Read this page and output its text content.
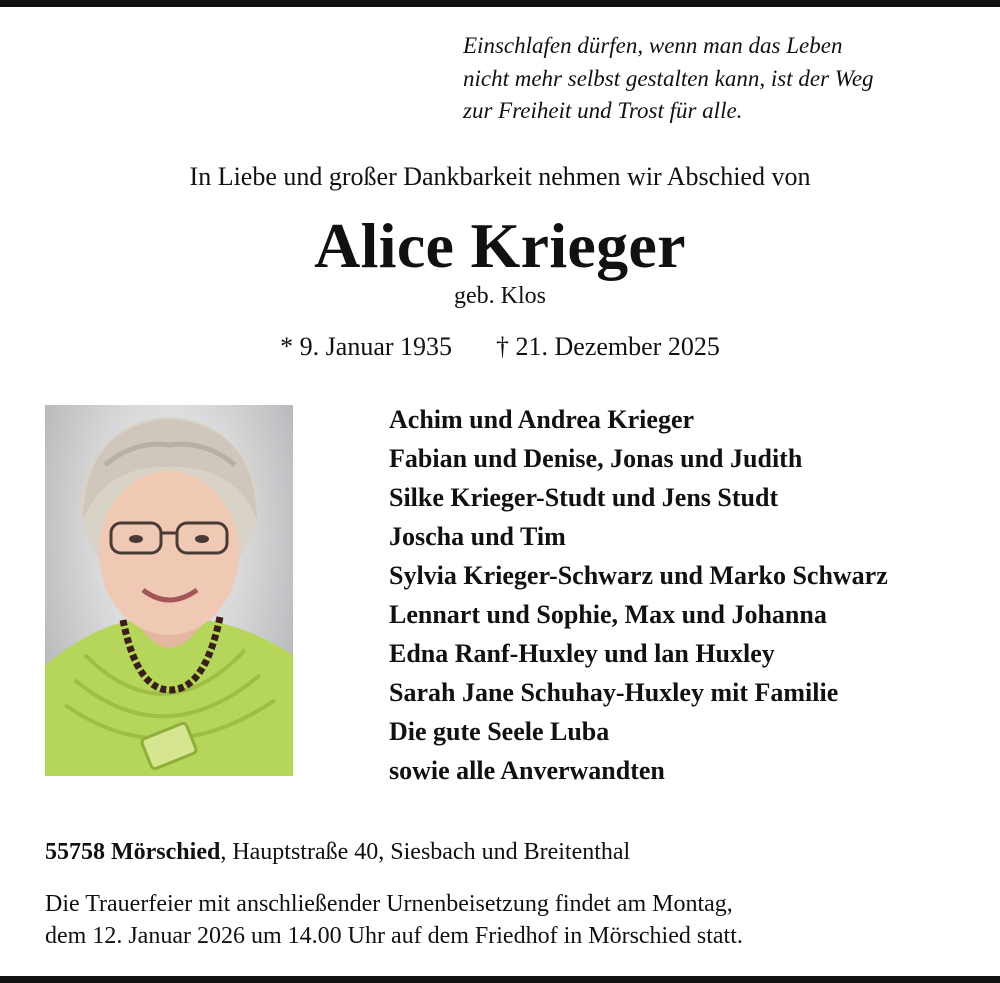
Einschlafen dürfen, wenn man das Leben
nicht mehr selbst gestalten kann, ist der Weg
zur Freiheit und Trost für alle.

In Liebe und großer Dankbarkeit nehmen wir Abschied von
Alice Krieger
geb. Klos
* 9. Januar 1935 † 21. Dezember 2025
Achim und Andrea Krieger
Fabian und Denise, Jonas und Judith
Silke Krieger-Studt und Jens Studt
Joscha und Tim
Sylvia Krieger-Schwarz und Marko Schwarz
Lennart und Sophie, Max und Johanna
Edna Ranf-Huxley und lan Huxley
Sarah Jane Schuhay-Huxley mit Familie
Die gute Seele Luba
sowie alle Anverwandten
55758 Mörschied, Hauptstraße 40, Siesbach und Breitenthal
Die Trauerfeier mit anschließender Urnenbeisetzung findet am Montag,
dem 12. Januar 2026 um 14.00 Uhr auf dem Friedhof in Mörschied statt.
